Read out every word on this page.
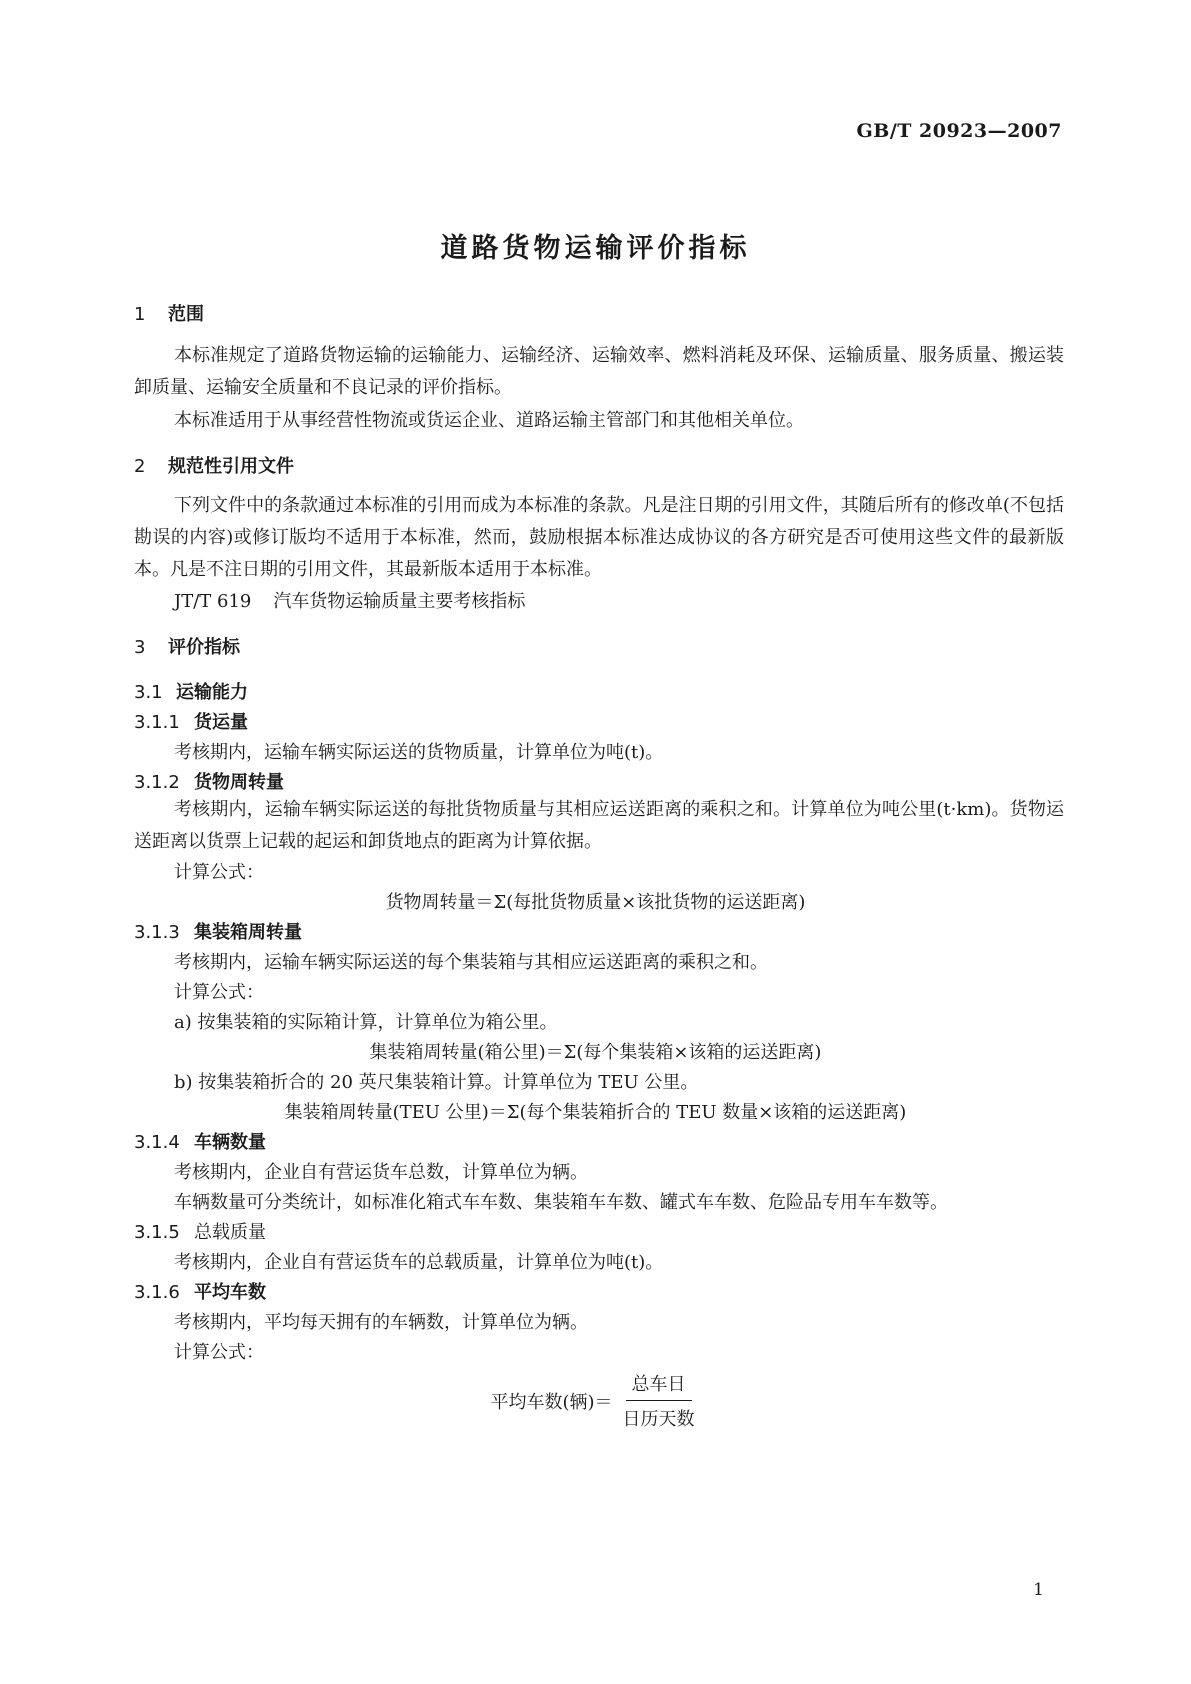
GB/T 20923—2007
道路货物运输评价指标
1 范围
本标准规定了道路货物运输的运输能力、运输经济、运输效率、燃料消耗及环保、运输质量、服务质量、搬运装卸质量、运输安全质量和不良记录的评价指标。
本标准适用于从事经营性物流或货运企业、道路运输主管部门和其他相关单位。
2 规范性引用文件
下列文件中的条款通过本标准的引用而成为本标准的条款。凡是注日期的引用文件，其随后所有的修改单(不包括勘误的内容)或修订版均不适用于本标准，然而，鼓励根据本标准达成协议的各方研究是否可使用这些文件的最新版本。凡是不注日期的引用文件，其最新版本适用于本标准。
JT/T 619 汽车货物运输质量主要考核指标
3 评价指标
3.1 运输能力
3.1.1 货运量
考核期内，运输车辆实际运送的货物质量，计算单位为吨(t)。
3.1.2 货物周转量
考核期内，运输车辆实际运送的每批货物质量与其相应运送距离的乘积之和。计算单位为吨公里(t·km)。货物运送距离以货票上记载的起运和卸货地点的距离为计算依据。
计算公式：
货物周转量＝Σ(每批货物质量×该批货物的运送距离)
3.1.3 集装箱周转量
考核期内，运输车辆实际运送的每个集装箱与其相应运送距离的乘积之和。
计算公式：
a) 按集装箱的实际箱计算，计算单位为箱公里。
集装箱周转量(箱公里)＝Σ(每个集装箱×该箱的运送距离)
b) 按集装箱折合的 20 英尺集装箱计算。计算单位为 TEU 公里。
集装箱周转量(TEU 公里)＝Σ(每个集装箱折合的 TEU 数量×该箱的运送距离)
3.1.4 车辆数量
考核期内，企业自有营运货车总数，计算单位为辆。
车辆数量可分类统计，如标准化箱式车车数、集装箱车车数、罐式车车数、危险品专用车车数等。
3.1.5 总载质量
考核期内，企业自有营运货车的总载质量，计算单位为吨(t)。
3.1.6 平均车数
考核期内，平均每天拥有的车辆数，计算单位为辆。
计算公式：
平均车数(辆)＝ $\frac{\text{总车日}}{\text{日历天数}}$
1
